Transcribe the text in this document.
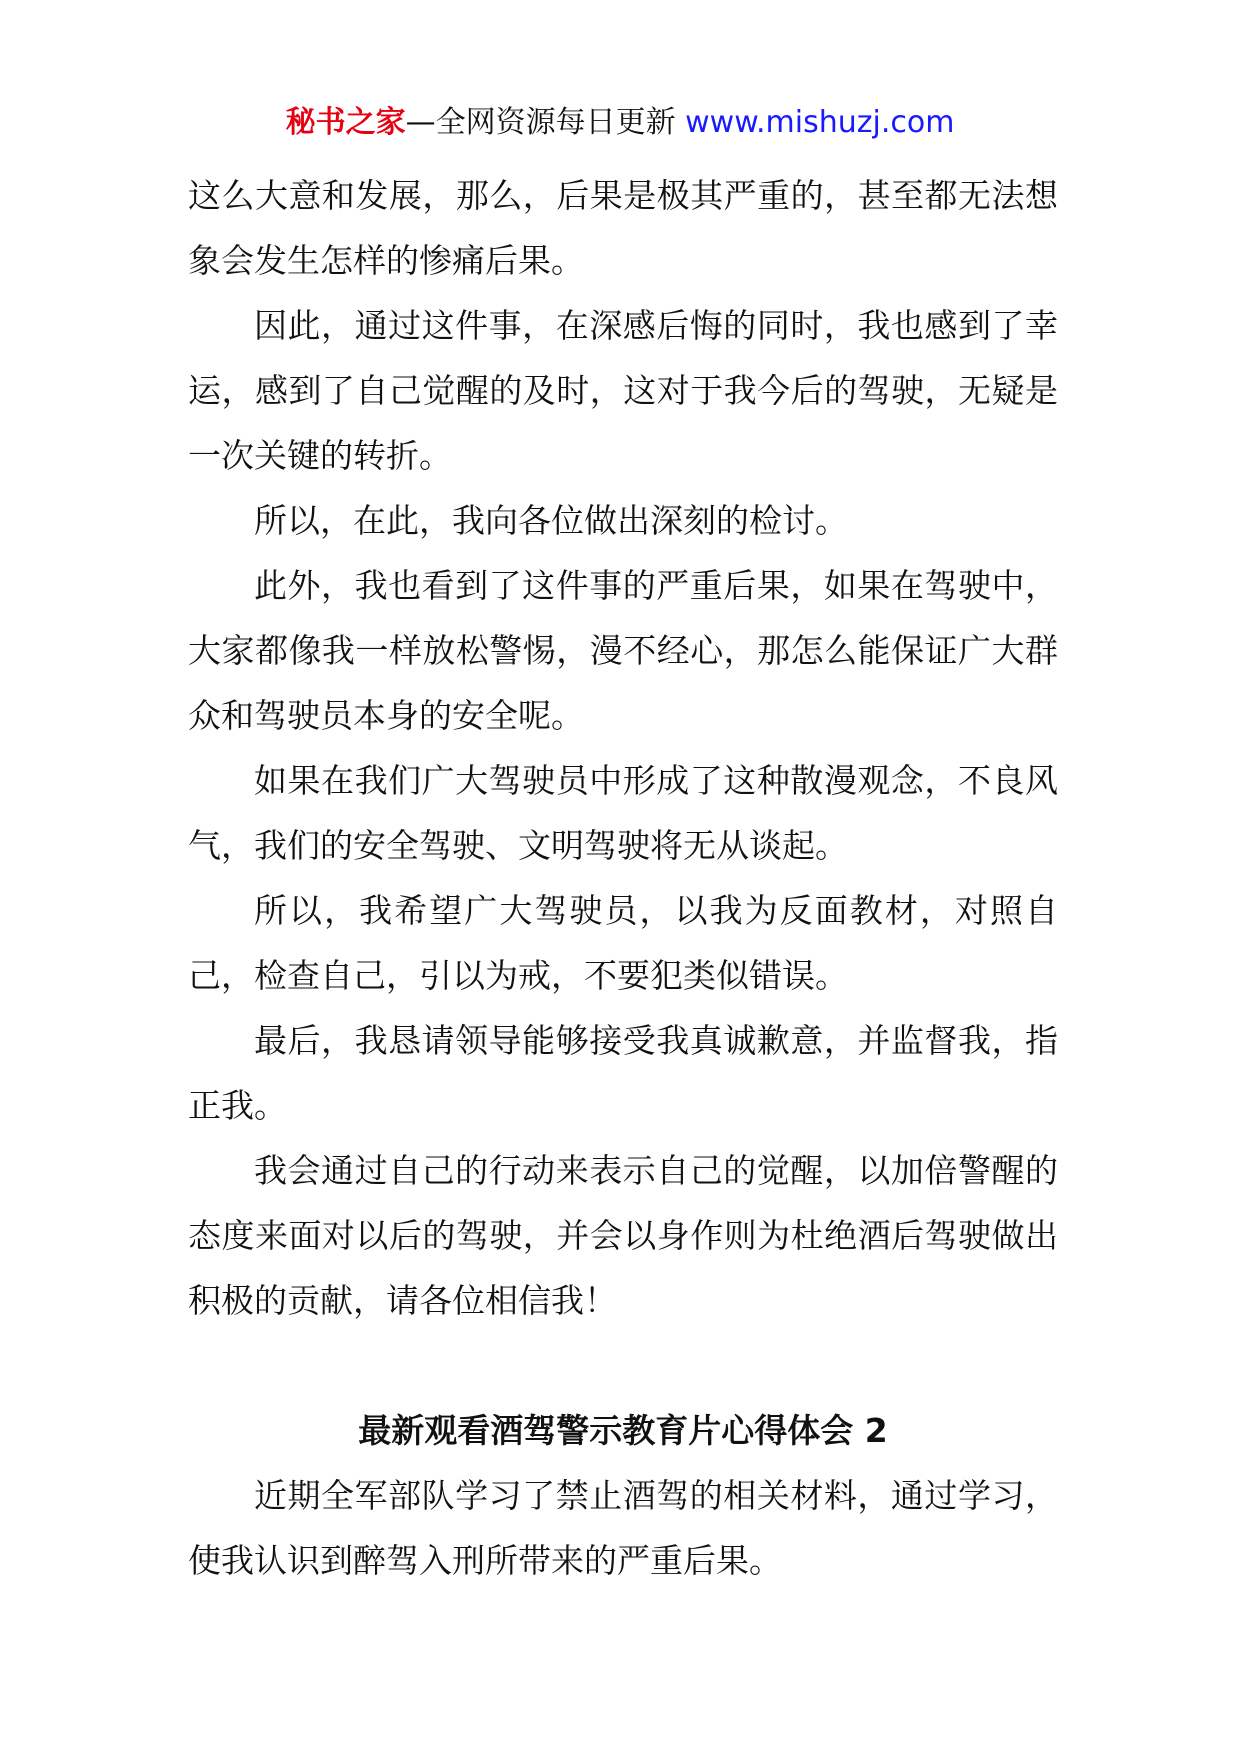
秘书之家—全网资源每日更新 www.mishuzj.com

这么大意和发展，那么，后果是极其严重的，甚至都无法想象会发生怎样的惨痛后果。

因此，通过这件事，在深感后悔的同时，我也感到了幸运，感到了自己觉醒的及时，这对于我今后的驾驶，无疑是一次关键的转折。

所以，在此，我向各位做出深刻的检讨。

此外，我也看到了这件事的严重后果，如果在驾驶中，大家都像我一样放松警惕，漫不经心，那怎么能保证广大群众和驾驶员本身的安全呢。

如果在我们广大驾驶员中形成了这种散漫观念，不良风气，我们的安全驾驶、文明驾驶将无从谈起。

所以，我希望广大驾驶员，以我为反面教材，对照自己，检查自己，引以为戒，不要犯类似错误。

最后，我恳请领导能够接受我真诚歉意，并监督我，指正我。

我会通过自己的行动来表示自己的觉醒，以加倍警醒的态度来面对以后的驾驶，并会以身作则为杜绝酒后驾驶做出积极的贡献，请各位相信我！

最新观看酒驾警示教育片心得体会 2

近期全军部队学习了禁止酒驾的相关材料，通过学习，使我认识到醉驾入刑所带来的严重后果。
